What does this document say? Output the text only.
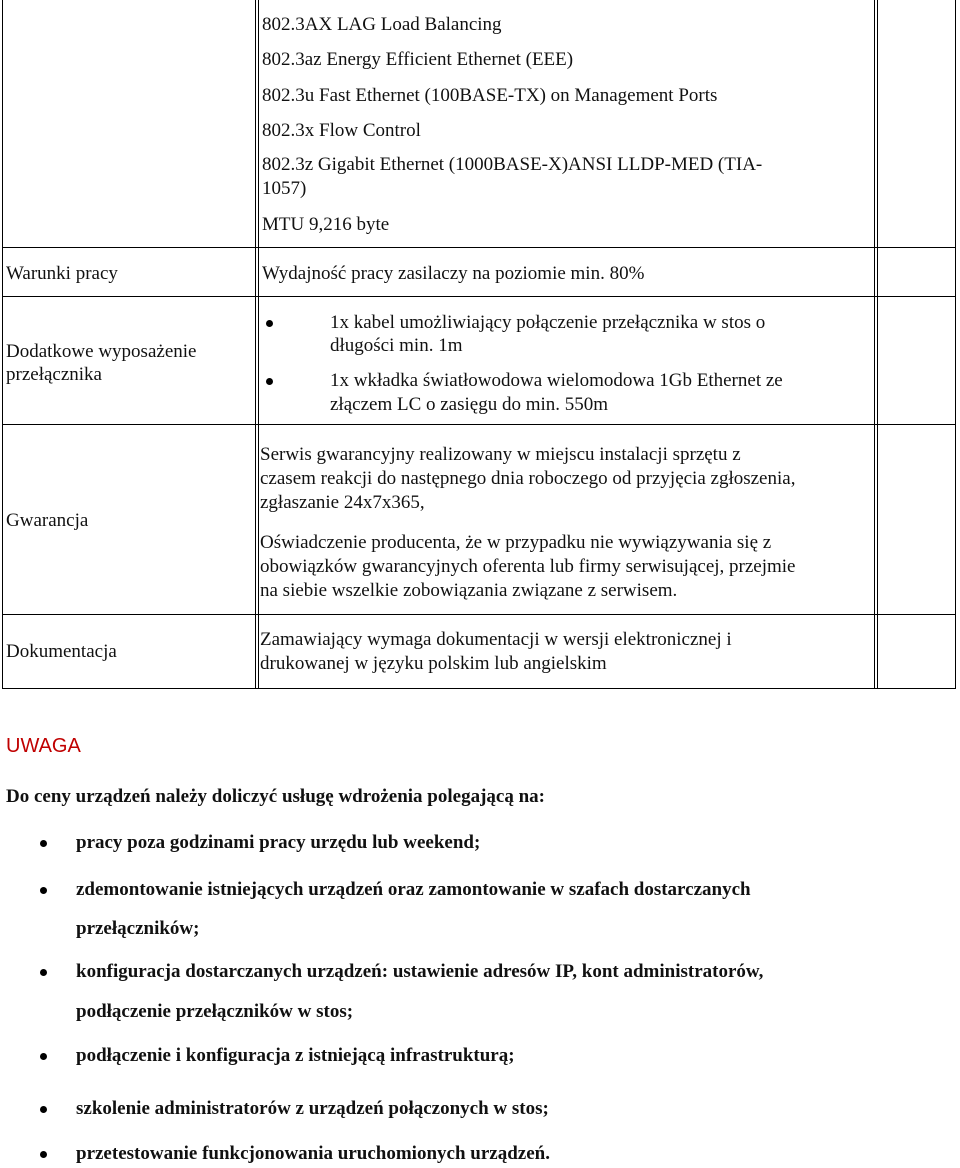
802.3AX LAG Load Balancing
802.3az Energy Efficient Ethernet (EEE)
802.3u Fast Ethernet (100BASE-TX) on Management Ports
802.3x Flow Control
802.3z Gigabit Ethernet (1000BASE-X)ANSI LLDP-MED (TIA-
1057)
MTU 9,216 byte
Warunki pracy	Wydajność pracy zasilaczy na poziomie min. 80%
Dodatkowe wyposażenie
przełącznika
1x kabel umożliwiający połączenie przełącznika w stos o
długości min. 1m
1x wkładka światłowodowa wielomodowa 1Gb Ethernet ze
złączem LC o zasięgu do min. 550m
Gwarancja
Serwis gwarancyjny realizowany w miejscu instalacji sprzętu z
czasem reakcji do następnego dnia roboczego od przyjęcia zgłoszenia,
zgłaszanie 24x7x365,
Oświadczenie producenta, że w przypadku nie wywiązywania się z
obowiązków gwarancyjnych oferenta lub firmy serwisującej, przejmie
na siebie wszelkie zobowiązania związane z serwisem.
Dokumentacja
Zamawiający wymaga dokumentacji w wersji elektronicznej i
drukowanej w języku polskim lub angielskim
UWAGA
Do ceny urządzeń należy doliczyć usługę wdrożenia polegającą na:
pracy poza godzinami pracy urzędu lub weekend;
zdemontowanie istniejących urządzeń oraz zamontowanie w szafach dostarczanych
przełączników;
konfiguracja dostarczanych urządzeń: ustawienie adresów IP, kont administratorów,
podłączenie przełączników w stos;
podłączenie i konfiguracja z istniejącą infrastrukturą;
szkolenie administratorów z urządzeń połączonych w stos;
przetestowanie funkcjonowania uruchomionych urządzeń.
